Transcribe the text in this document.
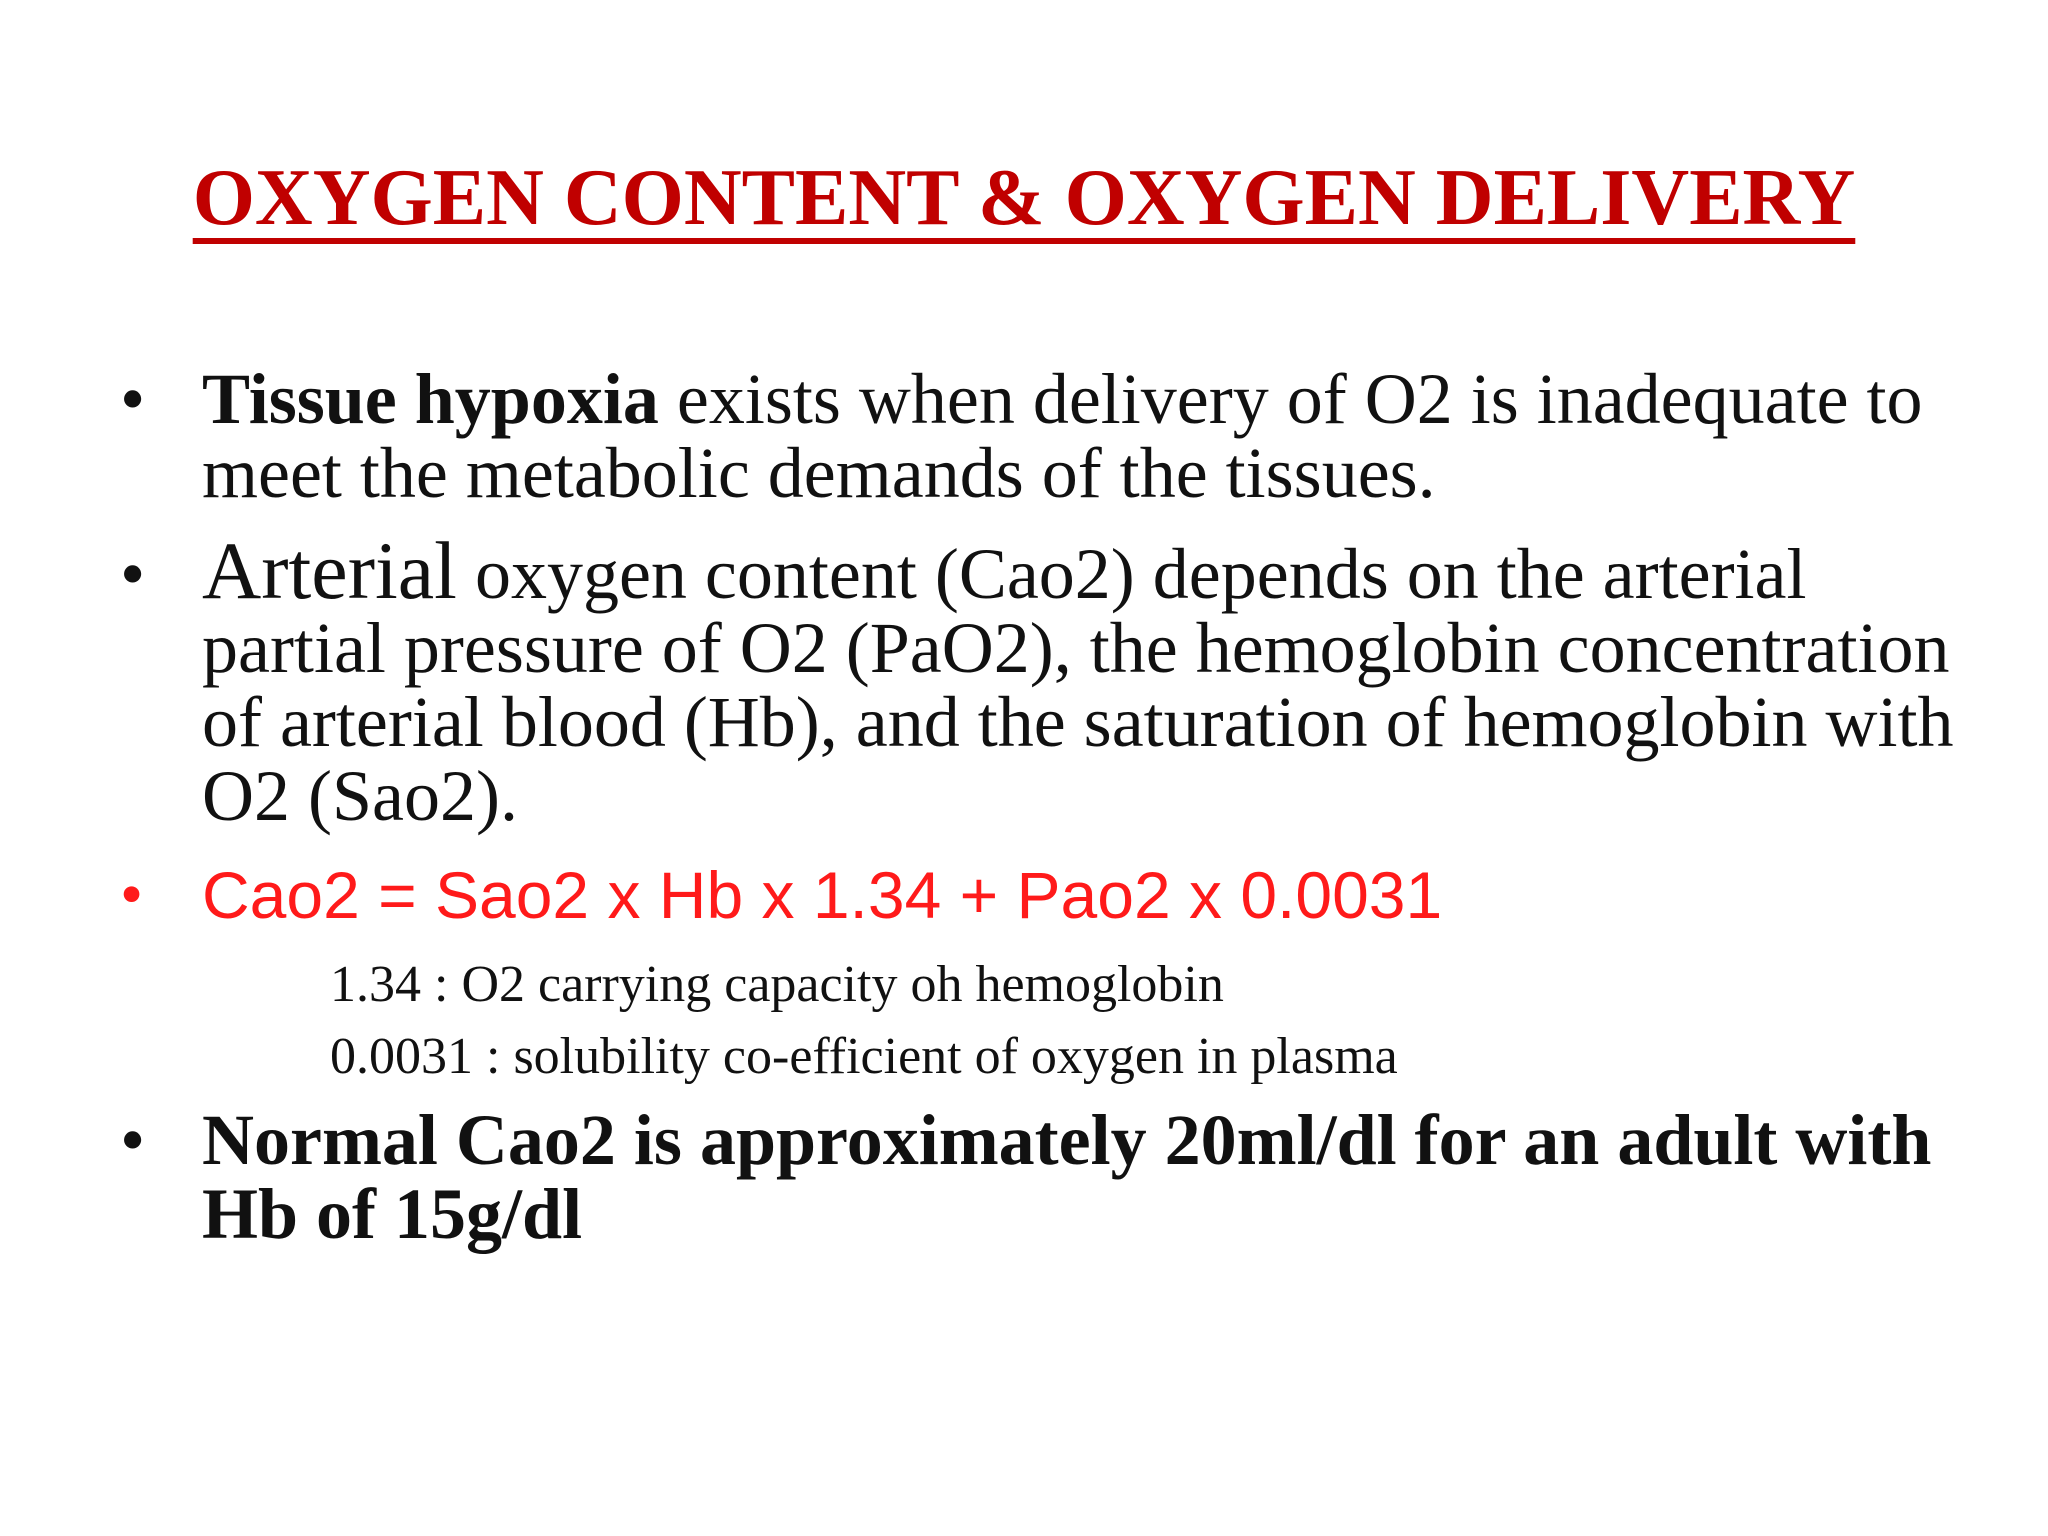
OXYGEN CONTENT & OXYGEN DELIVERY
• Tissue hypoxia exists when delivery of O2 is inadequate to meet the metabolic demands of the tissues.
• Arterial oxygen content (Cao2) depends on the arterial partial pressure of O2 (PaO2), the hemoglobin concentration of arterial blood (Hb), and the saturation of hemoglobin with O2 (Sao2).
• Cao2 = Sao2 x Hb x 1.34 + Pao2 x 0.0031
1.34 : O2 carrying capacity oh hemoglobin
0.0031 : solubility co-efficient of oxygen in plasma
• Normal Cao2 is approximately 20ml/dl for an adult with Hb of 15g/dl
